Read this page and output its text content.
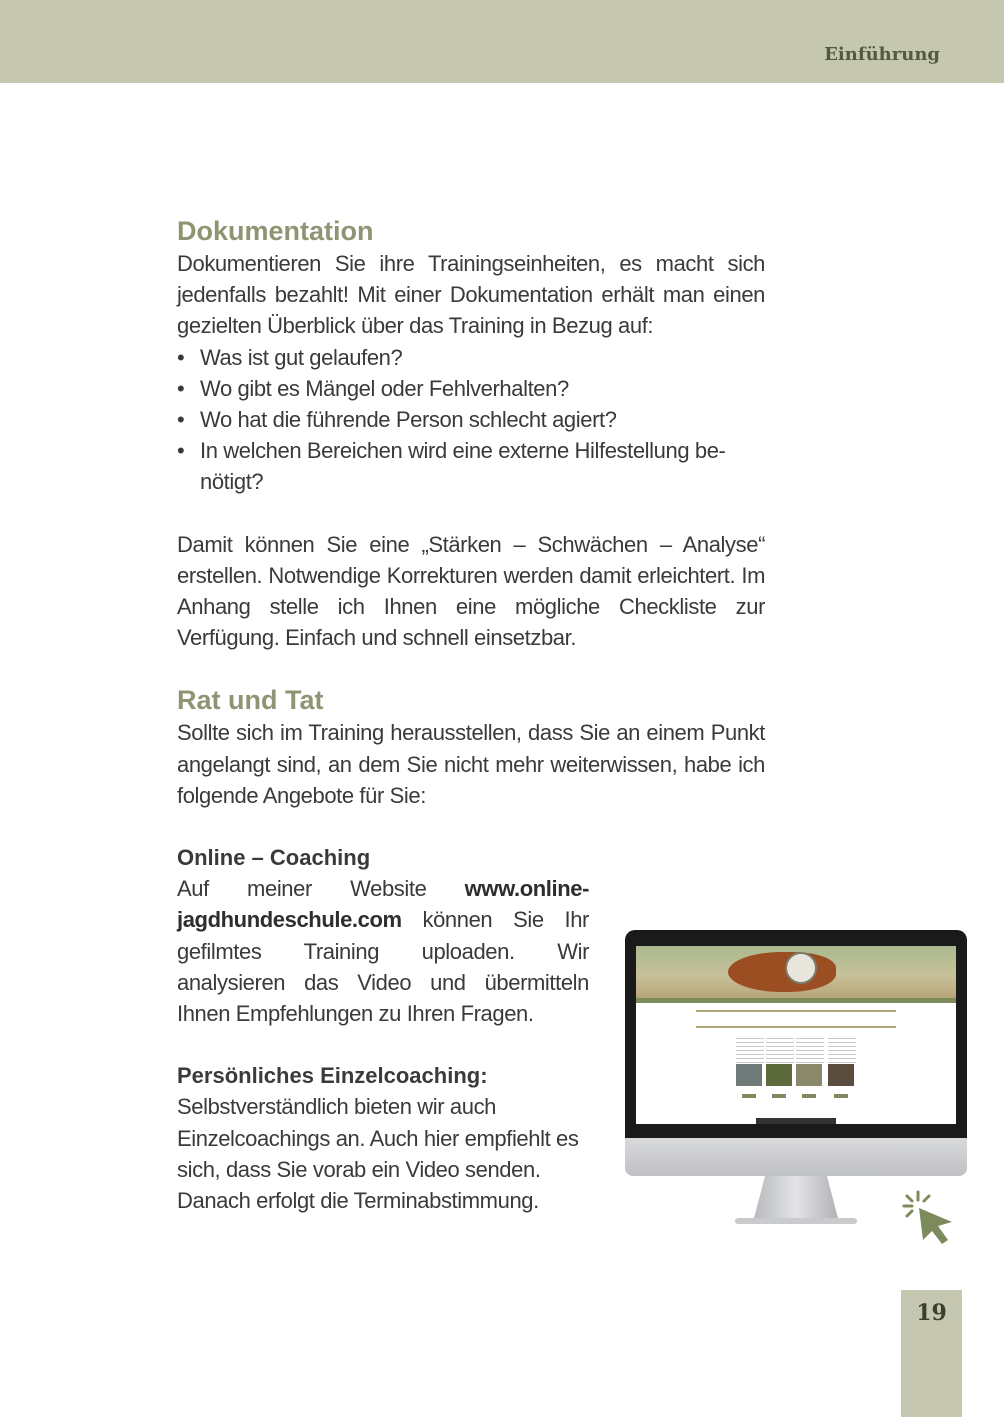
Einführung
Dokumentation

Dokumentieren Sie ihre Trainingseinheiten, es macht sich jedenfalls bezahlt! Mit einer Dokumentation erhält man einen gezielten Überblick über das Training in Bezug auf:

• Was ist gut gelaufen?
• Wo gibt es Mängel oder Fehlverhalten?
• Wo hat die führende Person schlecht agiert?
• In welchen Bereichen wird eine externe Hilfestellung be-nötigt?

Damit können Sie eine „Stärken – Schwächen – Analyse“ erstellen. Notwendige Korrekturen werden damit erleichtert. Im Anhang stelle ich Ihnen eine mögliche Checkliste zur Verfügung. Einfach und schnell einsetzbar.

Rat und Tat

Sollte sich im Training herausstellen, dass Sie an einem Punkt angelangt sind, an dem Sie nicht mehr weiterwissen, habe ich folgende Angebote für Sie:

Online – Coaching

Auf meiner Website www.online-jagdhundeschule.com können Sie Ihr gefilmtes Training uploaden. Wir analysieren das Video und übermitteln Ihnen Empfehlungen zu Ihren Fragen.

Persönliches Einzelcoaching:

Selbstverständlich bieten wir auch Einzelcoachings an. Auch hier empfiehlt es sich, dass Sie vorab ein Video senden. Danach erfolgt die Terminabstimmung.

19
